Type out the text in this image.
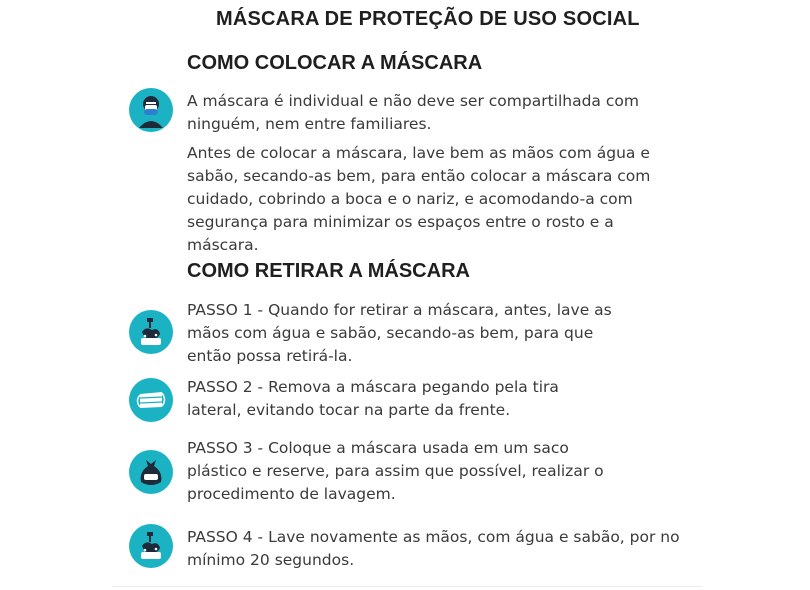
MÁSCARA DE PROTEÇÃO DE USO SOCIAL
COMO COLOCAR A MÁSCARA
A máscara é individual e não deve ser compartilhada com ninguém, nem entre familiares.
Antes de colocar a máscara, lave bem as mãos com água e sabão, secando-as bem, para então colocar a máscara com cuidado, cobrindo a boca e o nariz, e acomodando-a com segurança para minimizar os espaços entre o rosto e a máscara.
COMO RETIRAR A MÁSCARA
PASSO 1 - Quando for retirar a máscara, antes, lave as mãos com água e sabão, secando-as bem, para que então possa retirá-la.
PASSO 2 - Remova a máscara pegando pela tira lateral, evitando tocar na parte da frente.
PASSO 3 - Coloque a máscara usada em um saco plástico e reserve, para assim que possível, realizar o procedimento de lavagem.
PASSO 4 - Lave novamente as mãos, com água e sabão, por no mínimo 20 segundos.
